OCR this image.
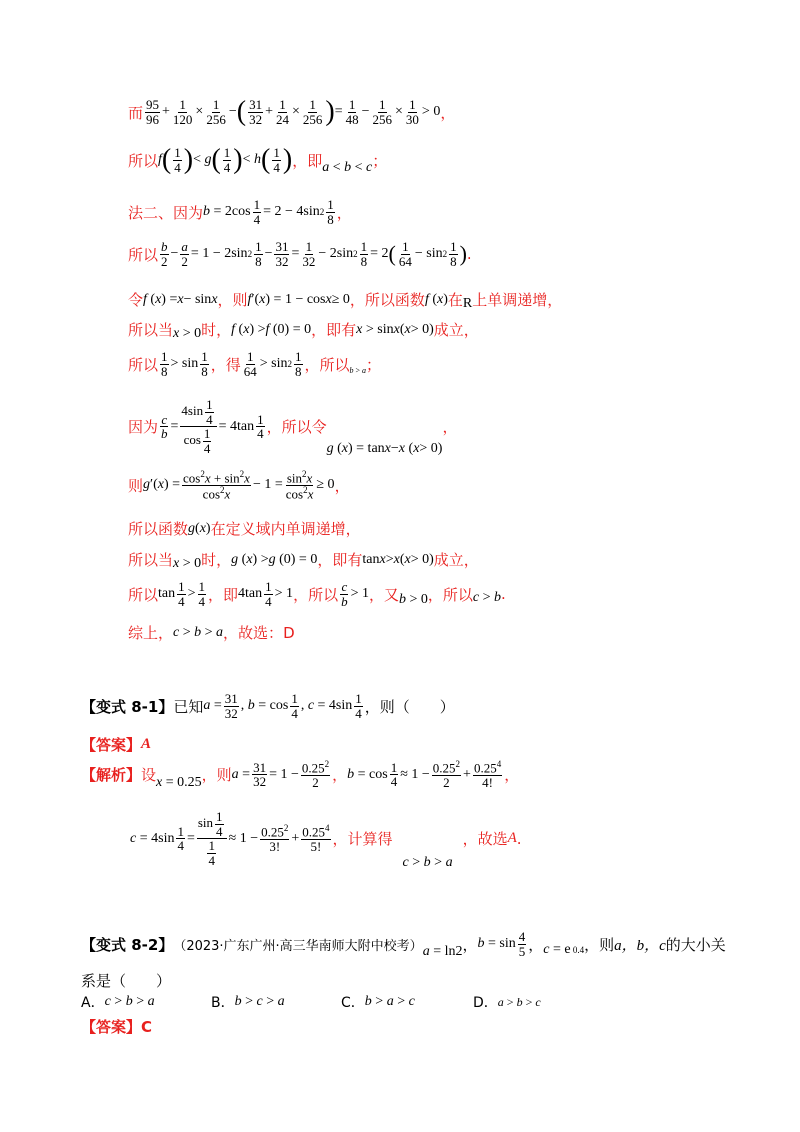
而 $\frac{95}{96} + \frac{1}{120} \times \frac{1}{256}$ − ( $\frac{31}{32} + \frac{1}{24} \times \frac{1}{256}$ ) = $\frac{1}{48} - \frac{1}{256} \times \frac{1}{30} > 0$ ，
所以 f ( $\frac{1}{4}$ ) < g ( $\frac{1}{4}$ ) < h ( $\frac{1}{4}$ ) ，即 a < b < c ；
法二、因为 $b = 2\cos \frac{1}{4} = 2 - 4\sin$ $2 \frac{1}{8}$ ，
所以 $\frac{b}{2} - \frac{a}{2} = 1 - 2\sin$ $2 \frac{1}{8} - \frac{31}{32} = \frac{1}{32} - 2\sin$ $2 \frac{1}{8} = 2$ ( $\frac{1}{64} - \sin 2 \frac{1}{8}$ ) .
令 f ( x ) = x − sin x ，则 f ′( x ) = 1 − cos x ≥ 0 ，所以函数 f ( x ) 在 R 上单调递增，
所以当 x > 0 时， f ( x ) > f (0) = 0 ，即有 x > sin x ( x > 0) 成立，
所以 $\frac{1}{8} > \sin \frac{1}{8}$ ，得 $\frac{1}{64} > \sin 2 \frac{1}{8}$ ，所以 b > a ；
因为 $\frac{c}{b} = \frac{4\sin \frac{1}{4}}{\cos \frac{1}{4}} = 4\tan \frac{1}{4}$ ，所以令
g ( x ) = tan x − x ( x > 0)
，
则 g ′( x ) = $\frac{\cos^2x + \sin^2x}{\cos^2x} - 1 = \frac{\sin^2x}{\cos^2x} \ge 0$ ，
所以函数 g ( x ) 在定义域内单调递增，
所以当 x > 0 时， g ( x ) > g (0) = 0 ，即有 tan x > x ( x > 0) 成立，
所以 $\tan \frac{1}{4} > \frac{1}{4}$ ，即 $4\tan \frac{1}{4} > 1$ ，所以 $\frac{c}{b} > 1$ ，又 b > 0 ，所以 c > b .
综上， c > b > a ，故选： D
【变式 8-1】 已知 $a = \frac{31}{32}$ , $b = \cos \frac{1}{4}$ , $c = 4\sin \frac{1}{4}$ ，则（　　）
【答案】 A
【解析】 设 x = 0.25 ，则 $a = \frac{31}{32} = 1 - \frac{0.25^2}{2}$ ， $b = \cos \frac{1}{4} \approx 1 - \frac{0.25^2}{2} + \frac{0.25^4}{4!}$ ，
$c = 4\sin \frac{1}{4} = \frac{\sin \frac{1}{4}}{\frac{1}{4}} \approx 1 - \frac{0.25^2}{3!} + \frac{0.25^4}{5!}$ ，计算得
c > b > a
，故选 A .
【变式 8-2】 （2023·广东广州·高三华南师大附中校考） a = ln2 ， $b = \sin \frac{4}{5}$ ， c = e 0.4 ，则 a，b，c 的大小关
系是（　　）
A． c > b > a	B． b > c > a	C． b > a > c	D． a > b > c
【答案】 C
